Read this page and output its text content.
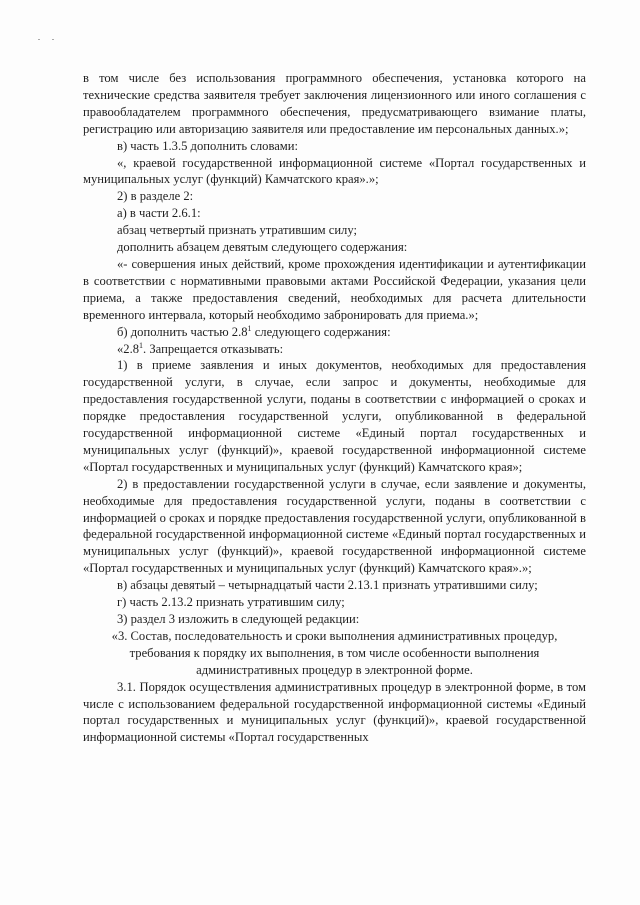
в том числе без использования программного обеспечения, установка которого на технические средства заявителя требует заключения лицензионного или иного соглашения с правообладателем программного обеспечения, предусматривающего взимание платы, регистрацию или авторизацию заявителя или предоставление им персональных данных.»;

в) часть 1.3.5 дополнить словами:

«, краевой государственной информационной системе «Портал государственных и муниципальных услуг (функций) Камчатского края».»;

2) в разделе 2:

а) в части 2.6.1:

абзац четвертый признать утратившим силу;

дополнить абзацем девятым следующего содержания:

«- совершения иных действий, кроме прохождения идентификации и аутентификации в соответствии с нормативными правовыми актами Российской Федерации, указания цели приема, а также предоставления сведений, необходимых для расчета длительности временного интервала, который необходимо забронировать для приема.»;

б) дополнить частью $2.8^1$ следующего содержания:

«$2.8^1$. Запрещается отказывать:

1) в приеме заявления и иных документов, необходимых для предоставления государственной услуги, в случае, если запрос и документы, необходимые для предоставления государственной услуги, поданы в соответствии с информацией о сроках и порядке предоставления государственной услуги, опубликованной в федеральной государственной информационной системе «Единый портал государственных и муниципальных услуг (функций)», краевой государственной информационной системе «Портал государственных и муниципальных услуг (функций) Камчатского края»;

2) в предоставлении государственной услуги в случае, если заявление и документы, необходимые для предоставления государственной услуги, поданы в соответствии с информацией о сроках и порядке предоставления государственной услуги, опубликованной в федеральной государственной информационной системе «Единый портал государственных и муниципальных услуг (функций)», краевой государственной информационной системе «Портал государственных и муниципальных услуг (функций) Камчатского края».»;

в) абзацы девятый – четырнадцатый части 2.13.1 признать утратившими силу;

г) часть 2.13.2 признать утратившим силу;

3) раздел 3 изложить в следующей редакции:

«3. Состав, последовательность и сроки выполнения административных процедур, требования к порядку их выполнения, в том числе особенности выполнения административных процедур в электронной форме.

3.1. Порядок осуществления административных процедур в электронной форме, в том числе с использованием федеральной государственной информационной системы «Единый портал государственных и муниципальных услуг (функций)», краевой государственной информационной системы «Портал государственных
